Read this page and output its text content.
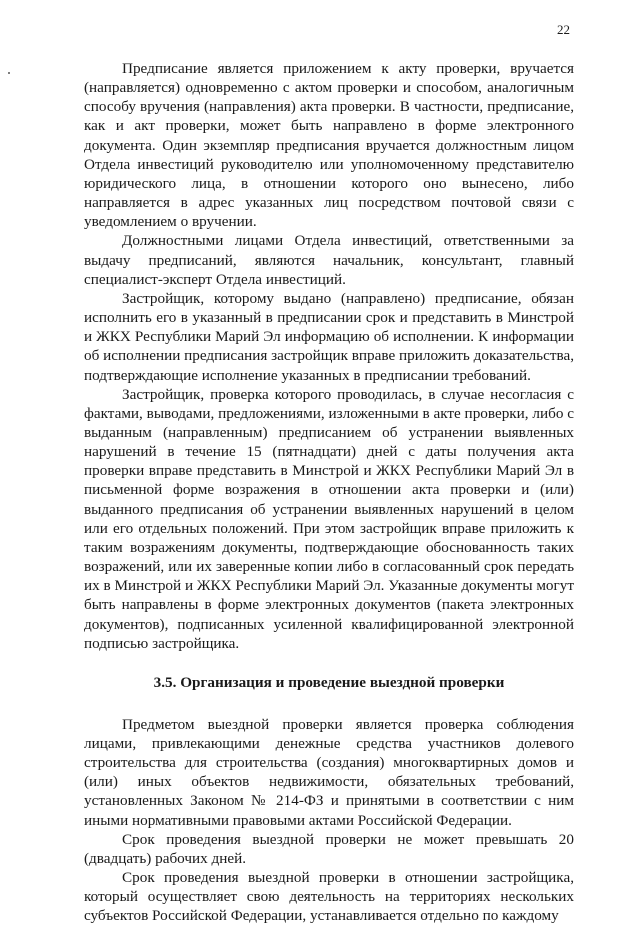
22

Предписание является приложением к акту проверки, вручается (направляется) одновременно с актом проверки и способом, аналогичным способу вручения (направления) акта проверки. В частности, предписание, как и акт проверки, может быть направлено в форме электронного документа. Один экземпляр предписания вручается должностным лицом Отдела инвестиций руководителю или уполномоченному представителю юридического лица, в отношении которого оно вынесено, либо направляется в адрес указанных лиц посредством почтовой связи с уведомлением о вручении.

Должностными лицами Отдела инвестиций, ответственными за выдачу предписаний, являются начальник, консультант, главный специалист-эксперт Отдела инвестиций.

Застройщик, которому выдано (направлено) предписание, обязан исполнить его в указанный в предписании срок и представить в Минстрой и ЖКХ Республики Марий Эл информацию об исполнении. К информации об исполнении предписания застройщик вправе приложить доказательства, подтверждающие исполнение указанных в предписании требований.

Застройщик, проверка которого проводилась, в случае несогласия с фактами, выводами, предложениями, изложенными в акте проверки, либо с выданным (направленным) предписанием об устранении выявленных нарушений в течение 15 (пятнадцати) дней с даты получения акта проверки вправе представить в Минстрой и ЖКХ Республики Марий Эл в письменной форме возражения в отношении акта проверки и (или) выданного предписания об устранении выявленных нарушений в целом или его отдельных положений. При этом застройщик вправе приложить к таким возражениям документы, подтверждающие обоснованность таких возражений, или их заверенные копии либо в согласованный срок передать их в Минстрой и ЖКХ Республики Марий Эл. Указанные документы могут быть направлены в форме электронных документов (пакета электронных документов), подписанных усиленной квалифицированной электронной подписью застройщика.

3.5. Организация и проведение выездной проверки

Предметом выездной проверки является проверка соблюдения лицами, привлекающими денежные средства участников долевого строительства для строительства (создания) многоквартирных домов и (или) иных объектов недвижимости, обязательных требований, установленных Законом № 214-ФЗ и принятыми в соответствии с ним иными нормативными правовыми актами Российской Федерации.

Срок проведения выездной проверки не может превышать 20 (двадцать) рабочих дней.

Срок проведения выездной проверки в отношении застройщика, который осуществляет свою деятельность на территориях нескольких субъектов Российской Федерации, устанавливается отдельно по каждому
